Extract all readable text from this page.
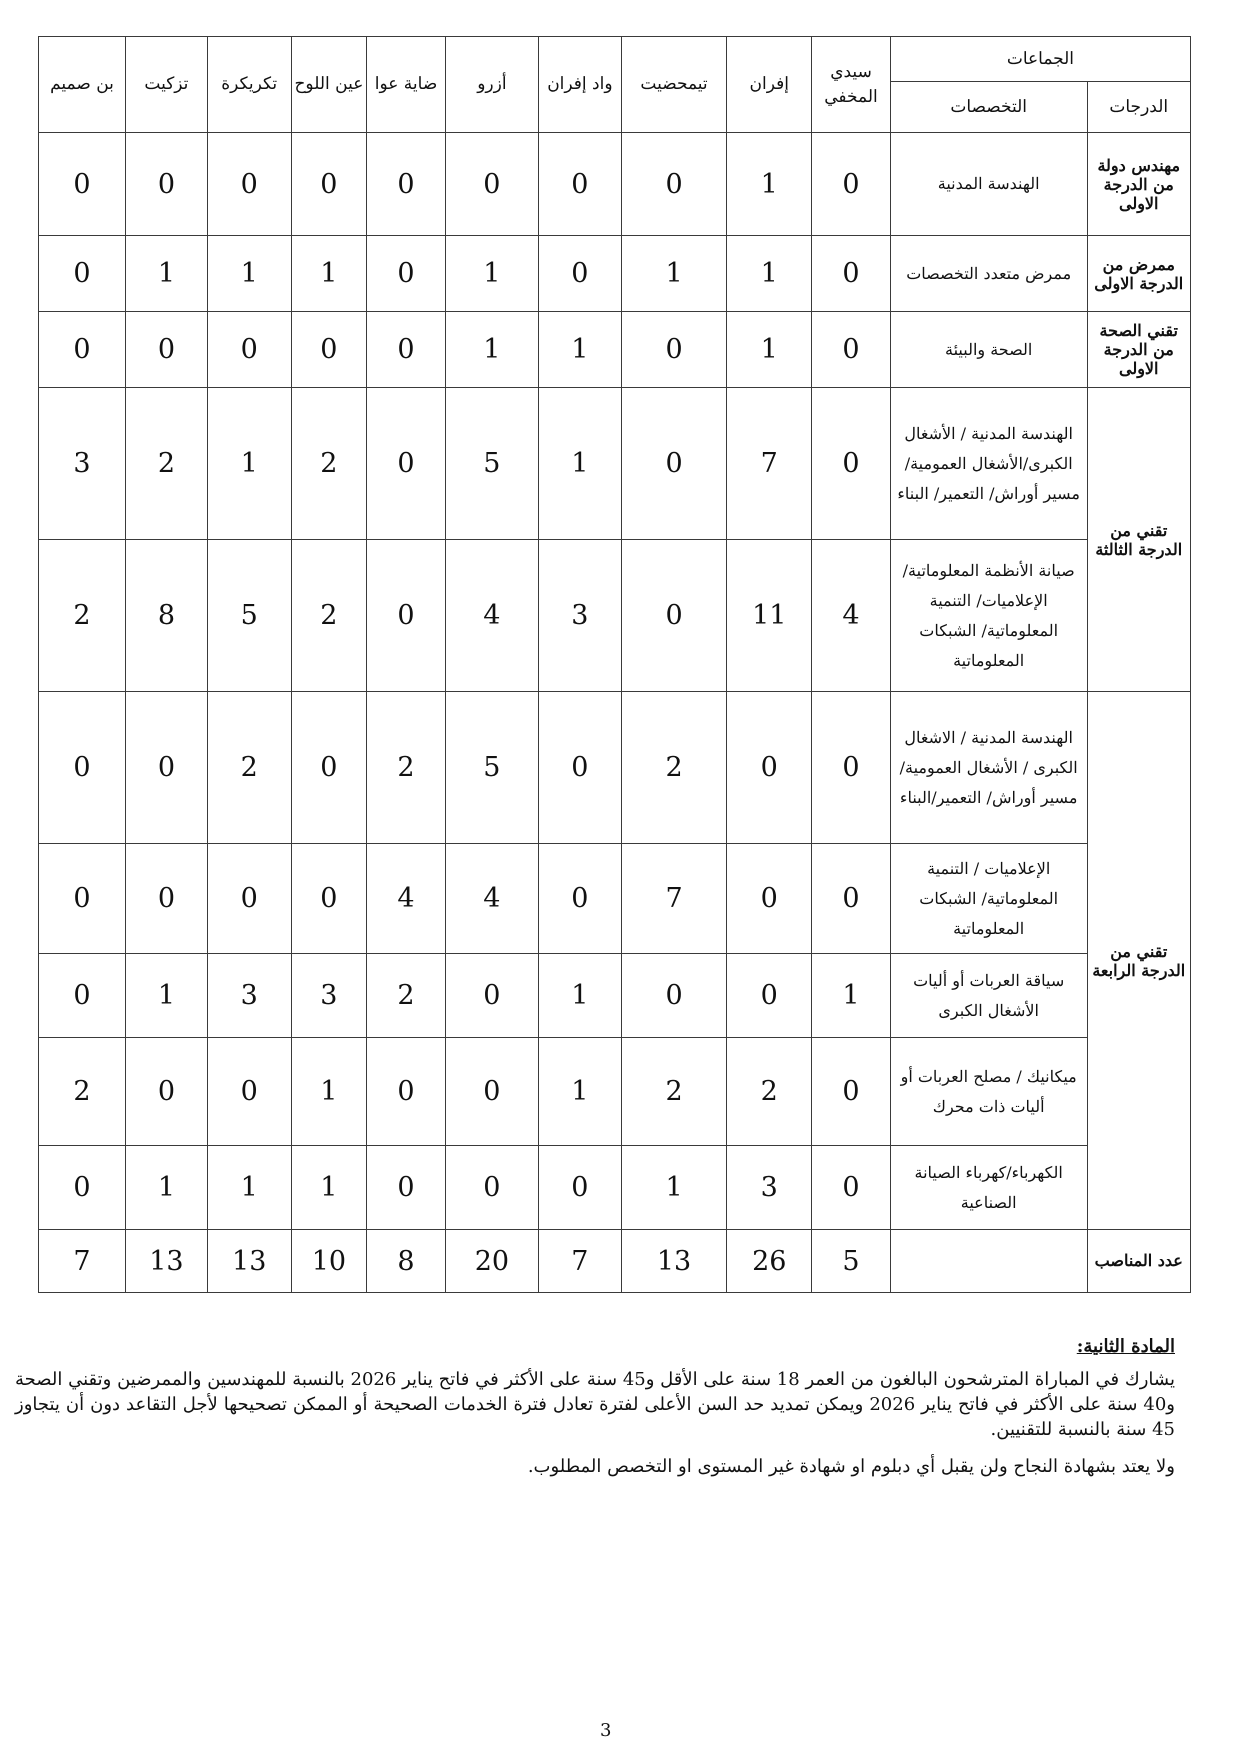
الجماعات		سيدي المخفي	إفران	تيمحضيت	واد إفران	أزرو	ضاية عوا	عين اللوح	تكريكرة	تزكيت	بن صميم
الدرجات	التخصصات										
مهندس دولة من الدرجة الاولى	الهندسة المدنية	0	1	0	0	0	0	0	0	0	0
ممرض من الدرجة الاولى	ممرض متعدد التخصصات	0	1	1	0	1	0	1	1	1	0
تقني الصحة من الدرجة الاولى	الصحة والبيئة	0	1	0	1	1	0	0	0	0	0
تقني من الدرجة الثالثة	الهندسة المدنية / الأشغال الكبرى/الأشغال العمومية/ مسير أوراش/ التعمير/ البناء	0	7	0	1	5	0	2	1	2	3
	صيانة الأنظمة المعلوماتية/ الإعلاميات/ التنمية المعلوماتية/ الشبكات المعلوماتية	4	11	0	3	4	0	2	5	8	2
تقني من الدرجة الرابعة	الهندسة المدنية / الاشغال الكبرى / الأشغال العمومية/ مسير أوراش/ التعمير/البناء	0	0	2	0	5	2	0	2	0	0
	الإعلاميات / التنمية المعلوماتية/ الشبكات المعلوماتية	0	0	7	0	4	4	0	0	0	0
	سياقة العربات أو أليات الأشغال الكبرى	1	0	0	1	0	2	3	3	1	0
	ميكانيك / مصلح العربات أو أليات ذات محرك	0	2	2	1	0	0	1	0	0	2
	الكهرباء/كهرباء الصيانة الصناعية	0	3	1	0	0	0	1	1	1	0
عدد المناصب		5	26	13	7	20	8	10	13	13	7
المادة الثانية:
يشارك في المباراة المترشحون البالغون من العمر 18 سنة على الأقل و45 سنة على الأكثر في فاتح يناير 2026 بالنسبة للمهندسين والممرضين وتقني الصحة و40 سنة على الأكثر في فاتح يناير 2026 ويمكن تمديد حد السن الأعلى لفترة تعادل فترة الخدمات الصحيحة أو الممكن تصحيحها لأجل التقاعد دون أن يتجاوز 45 سنة بالنسبة للتقنيين.
ولا يعتد بشهادة النجاح ولن يقبل أي دبلوم او شهادة غير المستوى او التخصص المطلوب.
3
